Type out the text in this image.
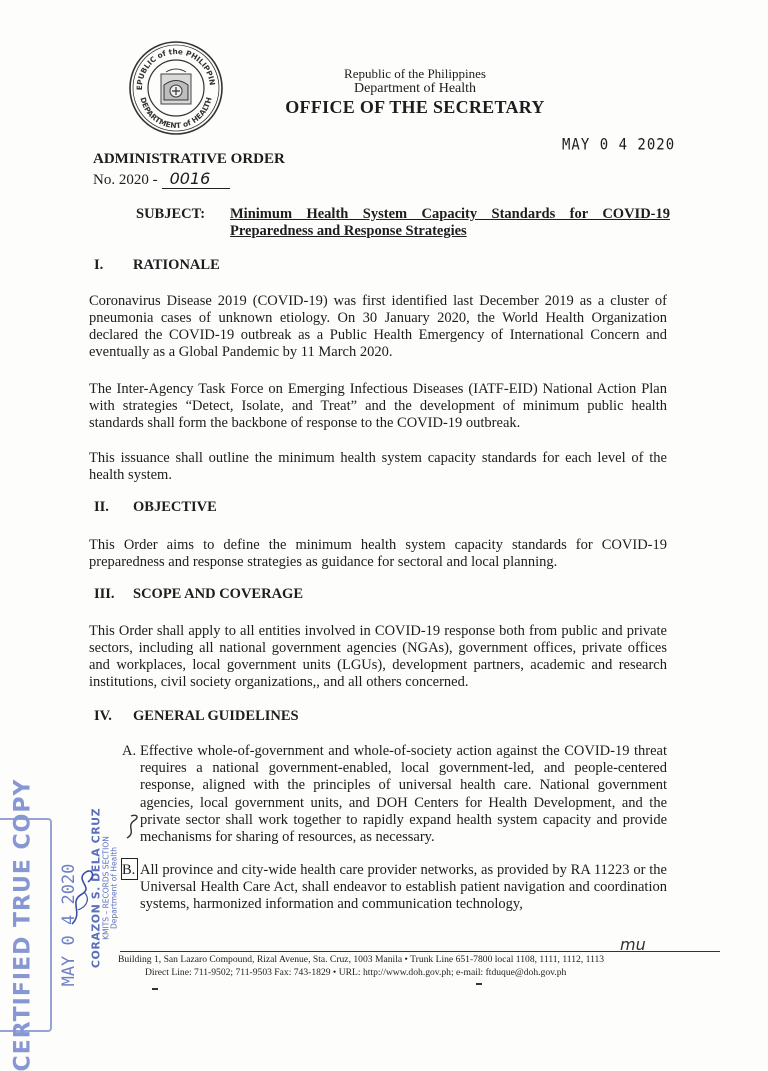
EPUBLIC of the PHILIPPIN
DEPARTMENT of HEALTH
Republic of the Philippines
Department of Health
OFFICE OF THE SECRETARY
MAY 0 4 2020
ADMINISTRATIVE ORDER
No. 2020 - 0016
SUBJECT: Minimum Health System Capacity Standards for COVID-19 Preparedness and Response Strategies
I. RATIONALE
Coronavirus Disease 2019 (COVID-19) was first identified last December 2019 as a cluster of pneumonia cases of unknown etiology. On 30 January 2020, the World Health Organization declared the COVID-19 outbreak as a Public Health Emergency of International Concern and eventually as a Global Pandemic by 11 March 2020.
The Inter-Agency Task Force on Emerging Infectious Diseases (IATF-EID) National Action Plan with strategies “Detect, Isolate, and Treat” and the development of minimum public health standards shall form the backbone of response to the COVID-19 outbreak.
This issuance shall outline the minimum health system capacity standards for each level of the health system.
II. OBJECTIVE
This Order aims to define the minimum health system capacity standards for COVID-19 preparedness and response strategies as guidance for sectoral and local planning.
III. SCOPE AND COVERAGE
This Order shall apply to all entities involved in COVID-19 response both from public and private sectors, including all national government agencies (NGAs), government offices, private offices and workplaces, local government units (LGUs), development partners, academic and research institutions, civil society organizations,, and all others concerned.
IV. GENERAL GUIDELINES
A. Effective whole-of-government and whole-of-society action against the COVID-19 threat requires a national government-enabled, local government-led, and people-centered response, aligned with the principles of universal health care. National government agencies, local government units, and DOH Centers for Health Development, and the private sector shall work together to rapidly expand health system capacity and provide mechanisms for sharing of resources, as necessary.
B. All province and city-wide health care provider networks, as provided by RA 11223 or the Universal Health Care Act, shall endeavor to establish patient navigation and coordination systems, harmonized information and communication technology,
CERTIFIED TRUE COPY MAY 0 4 2020 CORAZON S. DELA CRUZ KMITS – RECORDS SECTION Department of Health
mu
Building 1, San Lazaro Compound, Rizal Avenue, Sta. Cruz, 1003 Manila • Trunk Line 651-7800 local 1108, 1111, 1112, 1113
Direct Line: 711-9502; 711-9503 Fax: 743-1829 • URL: http://www.doh.gov.ph; e-mail: ftduque@doh.gov.ph
